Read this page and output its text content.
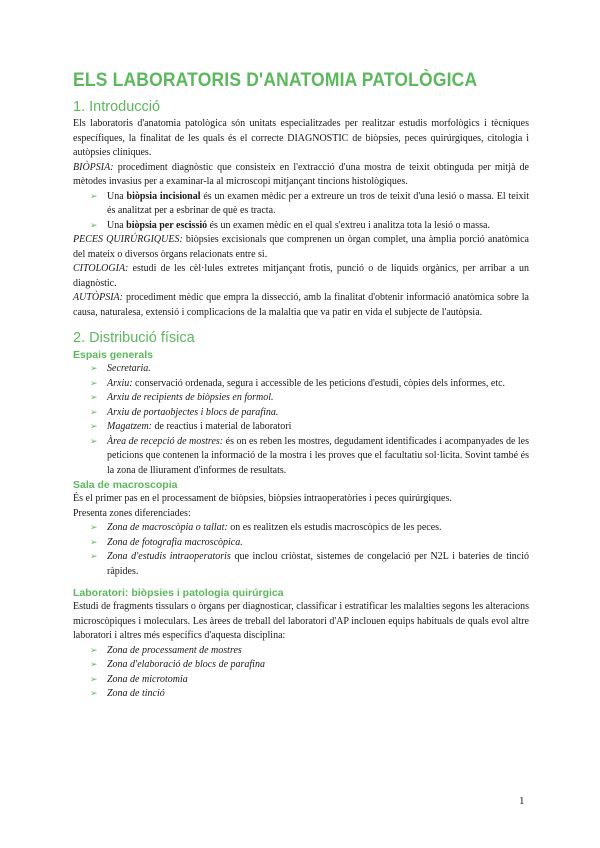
ELS LABORATORIS D'ANATOMIA PATOLÒGICA
1. Introducció

Els laboratoris d'anatomia patològica són unitats especialitzades per realitzar estudis morfològics i tècniques específiques, la finalitat de les quals és el correcte DIAGNOSTIC de biòpsies, peces quirúrgiques, citologia i autòpsies clíniques.

BIÒPSIA: procediment diagnòstic que consisteix en l'extracció d'una mostra de teixit obtinguda per mitjà de mètodes invasius per a examinar-la al microscopi mitjançant tincions histològiques.

➢ Una biòpsia incisional és un examen mèdic per a extreure un tros de teixit d'una lesió o massa. El teixit és analitzat per a esbrinar de què es tracta.
➢ Una biòpsia per escissió és un examen mèdic en el qual s'extreu i analitza tota la lesió o massa.

PECES QUIRÚRGIQUES: biòpsies excisionals que comprenen un òrgan complet, una àmplia porció anatòmica del mateix o diversos òrgans relacionats entre si.

CITOLOGIA: estudi de les cèl·lules extretes mitjançant frotis, punció o de líquids orgànics, per arribar a un diagnòstic.

AUTÒPSIA: procediment mèdic que empra la dissecció, amb la finalitat d'obtenir informació anatòmica sobre la causa, naturalesa, extensió i complicacions de la malaltia que va patir en vida el subjecte de l'autòpsia.

2. Distribució física
Espais generals
➢ Secretaria.
➢ Arxiu: conservació ordenada, segura i accessible de les peticions d'estudi, còpies dels informes, etc.
➢ Arxiu de recipients de biòpsies en formol.
➢ Arxiu de portaobjectes i blocs de parafina.
➢ Magatzem: de reactius i material de laboratori
➢ Àrea de recepció de mostres: és on es reben les mostres, degudament identificades i acompanyades de les peticions que contenen la informació de la mostra i les proves que el facultatiu sol·licita. Sovint també és la zona de lliurament d'informes de resultats.
Sala de macroscopia

És el primer pas en el processament de biòpsies, biòpsies intraoperatòries i peces quirúrgiques.

Presenta zones diferenciades:

➢ Zona de macroscòpia o tallat: on es realitzen els estudis macroscòpics de les peces.
➢ Zona de fotografia macroscòpica.
➢ Zona d'estudis intraoperatoris que inclou criòstat, sistemes de congelació per N2L i bateries de tinció ràpides.
Laboratori: biòpsies i patologia quirúrgica

Estudi de fragments tissulars o òrgans per diagnosticar, classificar i estratificar les malalties segons les alteracions microscòpiques i moleculars. Les àrees de treball del laboratori d'AP inclouen equips habituals de quals evol altre laboratori i altres més específics d'aquesta disciplina:

➢ Zona de processament de mostres
➢ Zona d'elaboració de blocs de parafina
➢ Zona de microtomia
➢ Zona de tinció
1
